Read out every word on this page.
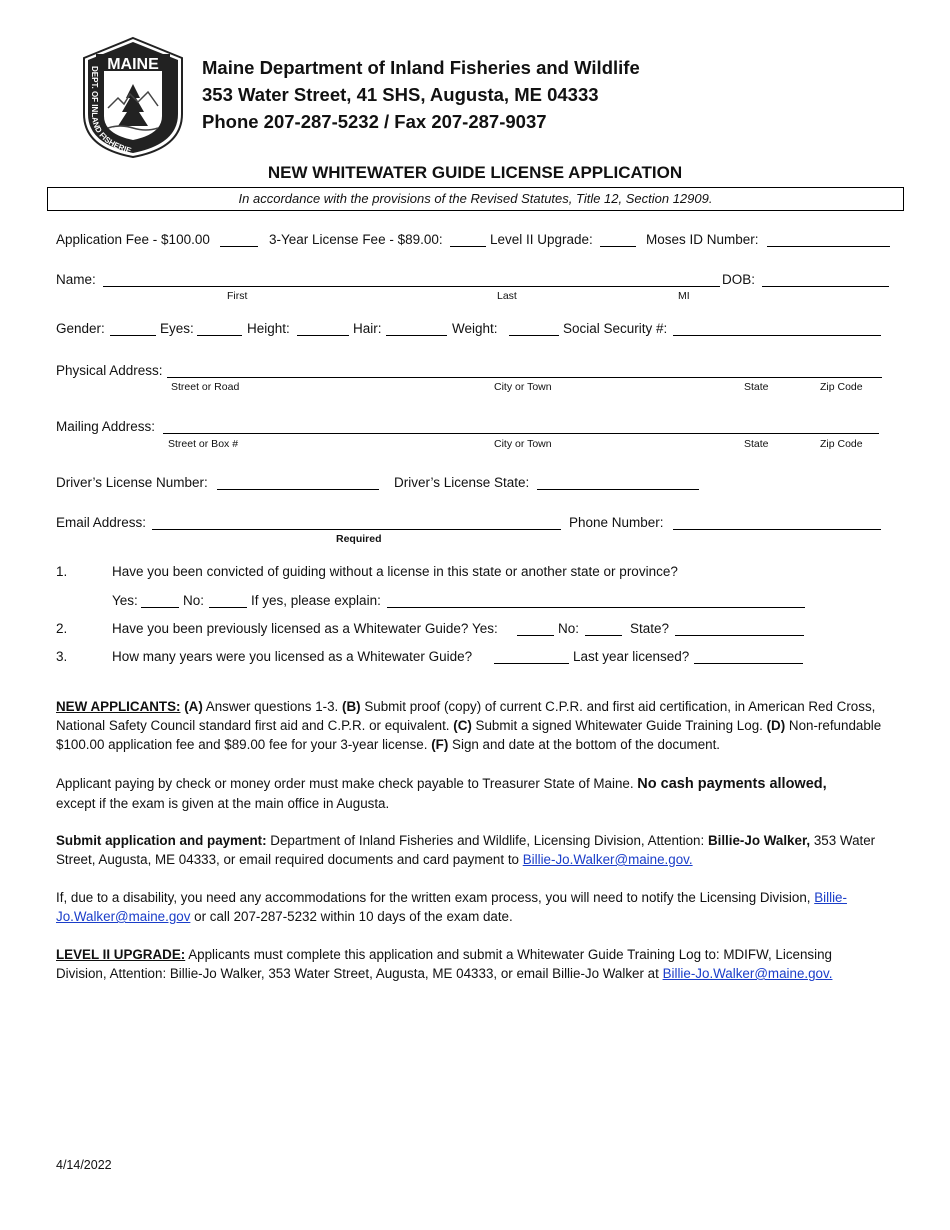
MAINE
DEPT. OF INLAND FISHERIE
Maine Department of Inland Fisheries and Wildlife
353 Water Street, 41 SHS, Augusta, ME 04333
Phone 207-287-5232 / Fax 207-287-9037
NEW WHITEWATER GUIDE LICENSE APPLICATION
In accordance with the provisions of the Revised Statutes, Title 12, Section 12909.
Application Fee - $100.00	3-Year License Fee - $89.00:	Level II Upgrade:	Moses ID Number:
Name:	DOB:
First	Last	MI
Gender:	Eyes:	Height:	Hair:	Weight:	Social Security #:
Physical Address:
Street or Road	City or Town	State	Zip Code
Mailing Address:
Street or Box #	City or Town	State	Zip Code
Driver’s License Number:	Driver’s License State:
Email Address:
Required
Phone Number:
1.	Have you been convicted of guiding without a license in this state or another state or province?
Yes:	No:	If yes, please explain:
2.	Have you been previously licensed as a Whitewater Guide? Yes:	No:	State?
3.	How many years were you licensed as a Whitewater Guide?	Last year licensed?
NEW APPLICANTS: (A) Answer questions 1-3. (B) Submit proof (copy) of current C.P.R. and first aid certification, in American Red Cross, National Safety Council standard first aid and C.P.R. or equivalent. (C) Submit a signed Whitewater Guide Training Log. (D) Non-refundable $100.00 application fee and $89.00 fee for your 3-year license. (F) Sign and date at the bottom of the document.
Applicant paying by check or money order must make check payable to Treasurer State of Maine. No cash payments allowed,
except if the exam is given at the main office in Augusta.
Submit application and payment: Department of Inland Fisheries and Wildlife, Licensing Division, Attention: Billie-Jo Walker, 353 Water Street, Augusta, ME 04333, or email required documents and card payment to Billie-Jo.Walker@maine.gov.
If, due to a disability, you need any accommodations for the written exam process, you will need to notify the Licensing Division, Billie-Jo.Walker@maine.gov or call 207-287-5232 within 10 days of the exam date.
LEVEL II UPGRADE: Applicants must complete this application and submit a Whitewater Guide Training Log to: MDIFW, Licensing Division, Attention: Billie-Jo Walker, 353 Water Street, Augusta, ME 04333, or email Billie-Jo Walker at Billie-Jo.Walker@maine.gov.
4/14/2022
